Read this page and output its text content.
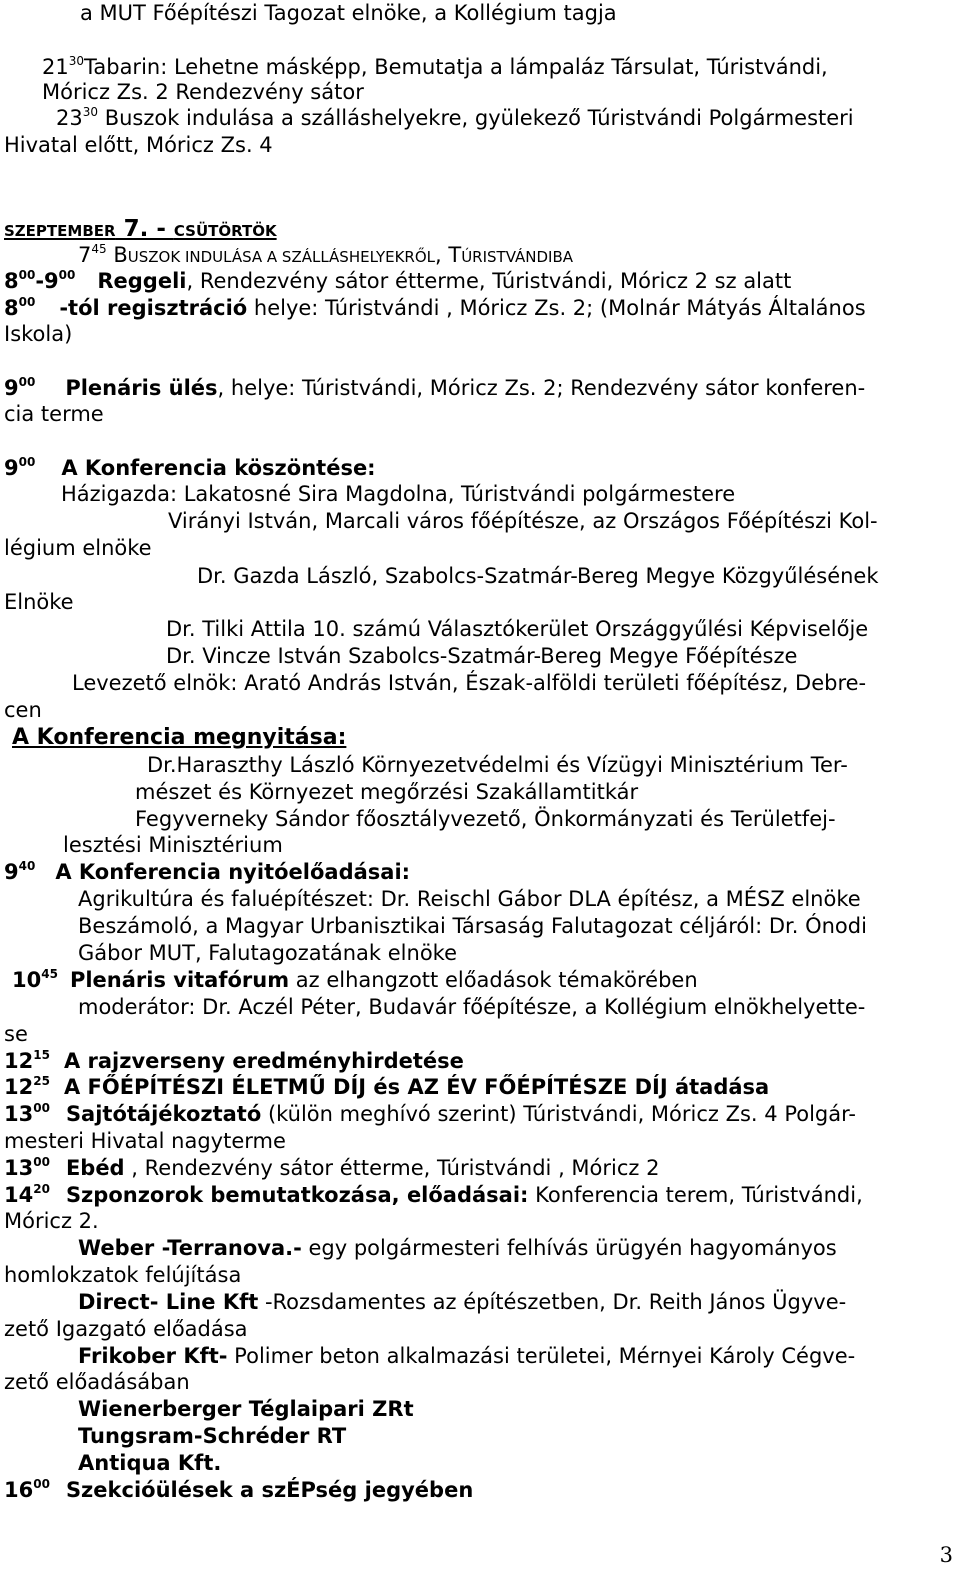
a MUT Főépítészi Tagozat elnöke, a Kollégium tagja
$21^{30}Tabarin$: Lehetne másképp, Bemutatja a lámpaláz Társulat, Túristvándi,
Móricz Zs. 2 Rendezvény sátor
$23^{30}$ Buszok indulása a szálláshelyekre, gyülekező Túristvándi Polgármesteri
Hivatal előtt, Móricz Zs. 4
SZEPTEMBER 7. - CSÜTÖRTÖK
$7^{45}$ BUSZOK INDULÁSA A SZÁLLÁSHELYEKRŐL, TÚRISTVÁNDIBA
$8^{00}-9^{00}$ Reggeli, Rendezvény sátor étterme, Túristvándi, Móricz 2 sz alatt
$8^{00}$ -tól regisztráció helye: Túristvándi , Móricz Zs. 2; (Molnár Mátyás Általános
Iskola)
$9^{00}$ Plenáris ülés, helye: Túristvándi, Móricz Zs. 2; Rendezvény sátor konferen-
cia terme
$9^{00}$ A Konferencia köszöntése:
Házigazda: Lakatosné Sira Magdolna, Túristvándi polgármestere
Virányi István, Marcali város főépítésze, az Országos Főépítészi Kol-
légium elnöke
Dr. Gazda László, Szabolcs-Szatmár-Bereg Megye Közgyűlésének
Elnöke
Dr. Tilki Attila 10. számú Választókerület Országgyűlési Képviselője
Dr. Vincze István Szabolcs-Szatmár-Bereg Megye Főépítésze
Levezető elnök: Arató András István, Észak-alföldi területi főépítész, Debre-
cen
A Konferencia megnyitása:
Dr.Haraszthy László Környezetvédelmi és Vízügyi Minisztérium Ter-
mészet és Környezet megőrzési Szakállamtitkár
Fegyverneky Sándor főosztályvezető, Önkormányzati és Területfej-
lesztési Minisztérium
$9^{40}$ A Konferencia nyitóelőadásai:
Agrikultúra és faluépítészet: Dr. Reischl Gábor DLA építész, a MÉSZ elnöke
Beszámoló, a Magyar Urbanisztikai Társaság Falutagozat céljáról: Dr. Ónodi
Gábor MUT, Falutagozatának elnöke
$10^{45}$ Plenáris vitafórum az elhangzott előadások témakörében
moderátor: Dr. Aczél Péter, Budavár főépítésze, a Kollégium elnökhelyette-
se
$12^{15}$ A rajzverseny eredményhirdetése
$12^{25}$ A FŐÉPÍTÉSZI ÉLETMŰ DÍJ és AZ ÉV FŐÉPÍTÉSZE DÍJ átadása
$13^{00}$ Sajtótájékoztató (külön meghívó szerint) Túristvándi, Móricz Zs. 4 Polgár-
mesteri Hivatal nagyterme
$13^{00}$ Ebéd , Rendezvény sátor étterme, Túristvándi , Móricz 2
$14^{20}$ Szponzorok bemutatkozása, előadásai: Konferencia terem, Túristvándi,
Móricz 2.
Weber -Terranova.- egy polgármesteri felhívás ürügyén hagyományos
homlokzatok felújítása
Direct- Line Kft -Rozsdamentes az építészetben, Dr. Reith János Ügyve-
zető Igazgató előadása
Frikober Kft- Polimer beton alkalmazási területei, Mérnyei Károly Cégve-
zető előadásában
Wienerberger Téglaipari ZRt
Tungsram-Schréder RT
Antiqua Kft.
$16^{00}$ Szekcióülések a szÉPség jegyében
3
